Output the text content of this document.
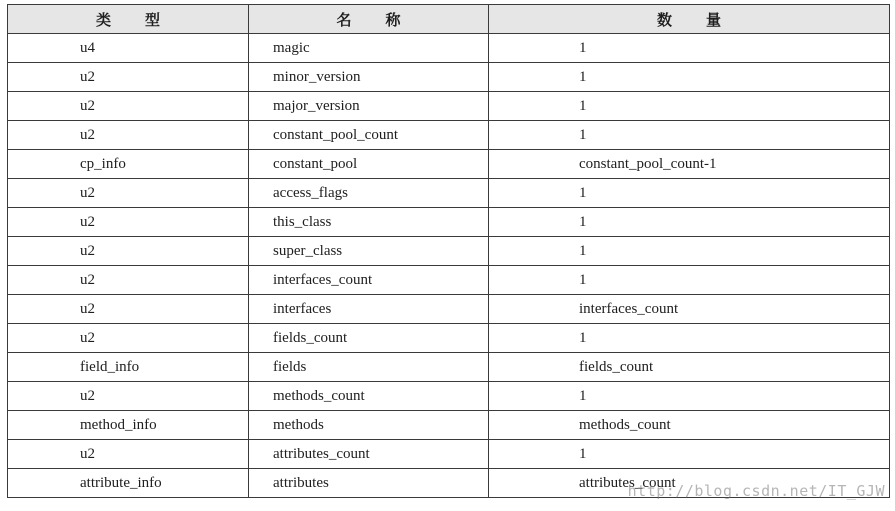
类 型	名 称	数 量
u4	magic	1
u2	minor_version	1
u2	major_version	1
u2	constant_pool_count	1
cp_info	constant_pool	constant_pool_count-1
u2	access_flags	1
u2	this_class	1
u2	super_class	1
u2	interfaces_count	1
u2	interfaces	interfaces_count
u2	fields_count	1
field_info	fields	fields_count
u2	methods_count	1
method_info	methods	methods_count
u2	attributes_count	1
attribute_info	attributes	attributes_count
http://blog.csdn.net/IT_GJW
